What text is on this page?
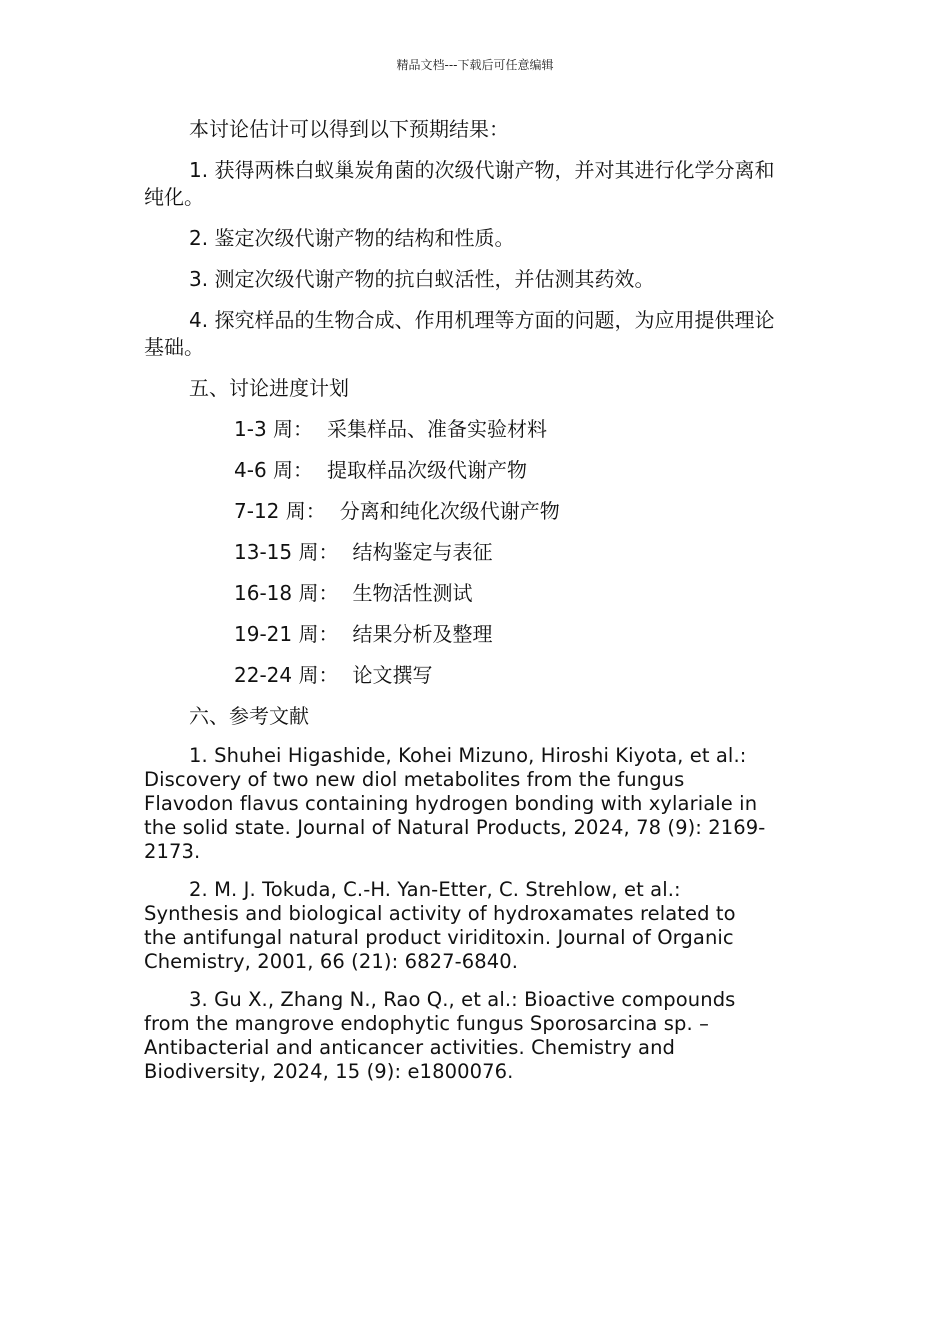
精品文档---下载后可任意编辑

本讨论估计可以得到以下预期结果：

1. 获得两株白蚁巢炭角菌的次级代谢产物，并对其进行化学分离和
纯化。

2. 鉴定次级代谢产物的结构和性质。

3. 测定次级代谢产物的抗白蚁活性，并估测其药效。

4. 探究样品的生物合成、作用机理等方面的问题，为应用提供理论
基础。

五、讨论进度计划

1-3 周： 采集样品、准备实验材料

4-6 周： 提取样品次级代谢产物

7-12 周： 分离和纯化次级代谢产物

13-15 周： 结构鉴定与表征

16-18 周： 生物活性测试

19-21 周： 结果分析及整理

22-24 周： 论文撰写

六、参考文献

1. Shuhei Higashide, Kohei Mizuno, Hiroshi Kiyota, et al.:
Discovery of two new diol metabolites from the fungus
Flavodon flavus containing hydrogen bonding with xylariale in
the solid state. Journal of Natural Products, 2024, 78 (9): 2169-
2173.
2. M. J. Tokuda, C.-H. Yan-Etter, C. Strehlow, et al.:
Synthesis and biological activity of hydroxamates related to
the antifungal natural product viriditoxin. Journal of Organic
Chemistry, 2001, 66 (21): 6827-6840.
3. Gu X., Zhang N., Rao Q., et al.: Bioactive compounds
from the mangrove endophytic fungus Sporosarcina sp. –
Antibacterial and anticancer activities. Chemistry and
Biodiversity, 2024, 15 (9): e1800076.
